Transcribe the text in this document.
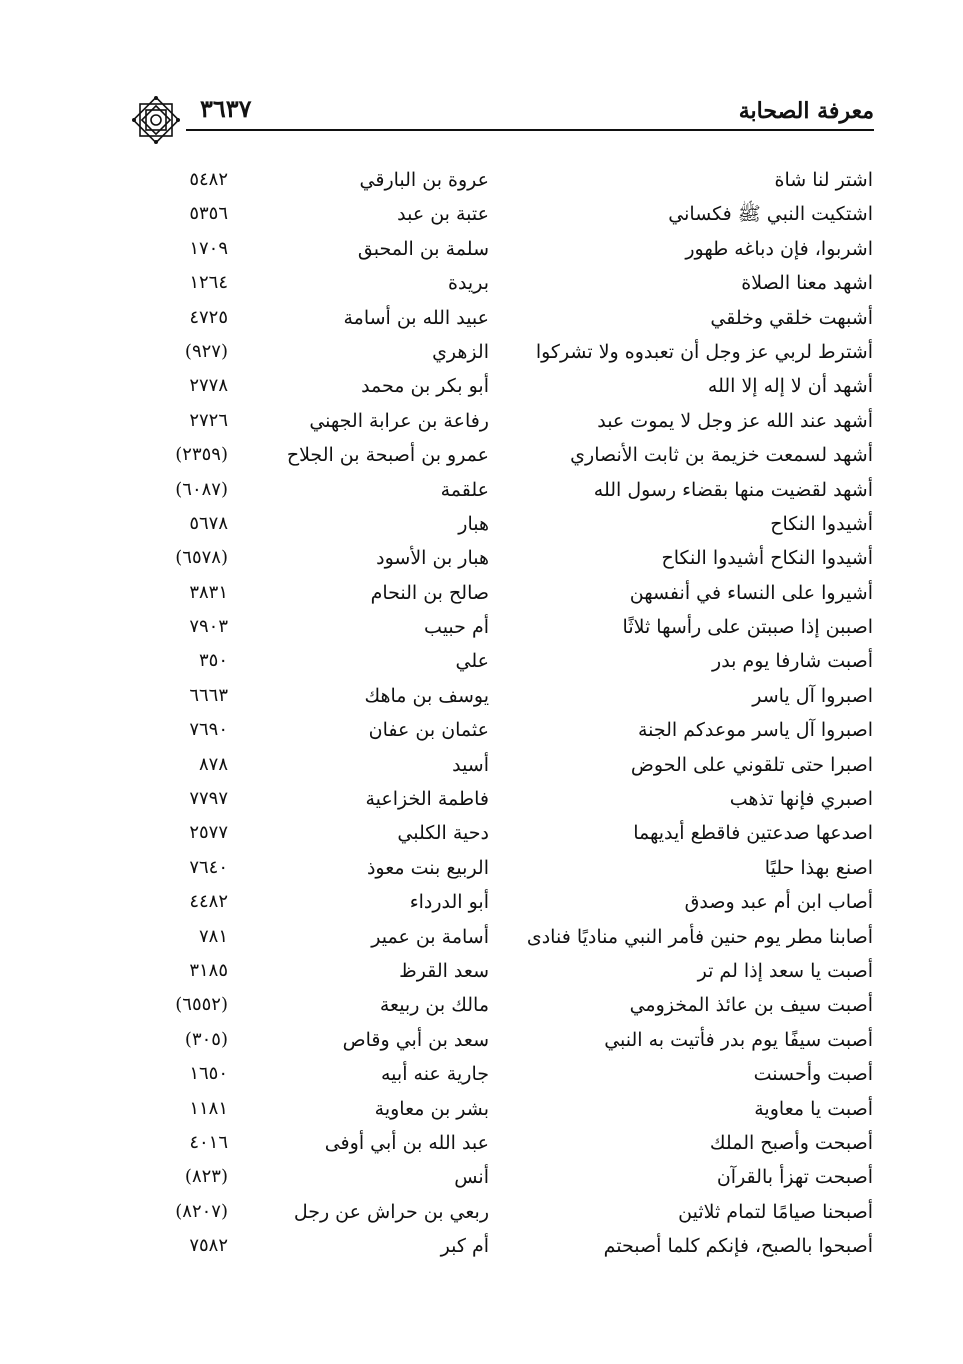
معرفة الصحابة
٣٦٣٧
اشتر لنا شاة
عروة بن البارقي
٥٤٨٢
اشتكيت النبي ﷺ فكساني
عتبة بن عبد
٥٣٥٦
اشربوا، فإن دباغه طهور
سلمة بن المحبق
١٧٠٩
اشهد معنا الصلاة
بريدة
١٢٦٤
أشبهت خلقي وخلقي
عبيد الله بن أسامة
٤٧٢٥
أشترط لربي عز وجل أن تعبدوه ولا تشركوا
الزهري
(٩٢٧)
أشهد أن لا إله إلا الله
أبو بكر بن محمد
٢٧٧٨
أشهد عند الله عز وجل لا يموت عبد
رفاعة بن عرابة الجهني
٢٧٢٦
أشهد لسمعت خزيمة بن ثابت الأنصاري
عمرو بن أصبحة بن الجلاح
(٢٣٥٩)
أشهد لقضيت منها بقضاء رسول الله
علقمة
(٦٠٨٧)
أشيدوا النكاح
هبار
٥٦٧٨
أشيدوا النكاح أشيدوا النكاح
هبار بن الأسود
(٦٥٧٨)
أشيروا على النساء في أنفسهن
صالح بن النحام
٣٨٣١
اصببن إذا صببتن على رأسها ثلاثًا
أم حبيب
٧٩٠٣
أصبت شارفا يوم بدر
علي
٣٥٠
اصبروا آل ياسر
يوسف بن ماهك
٦٦٦٣
اصبروا آل ياسر موعدكم الجنة
عثمان بن عفان
٧٦٩٠
اصبرا حتى تلقوني على الحوض
أسيد
٨٧٨
اصبري فإنها تذهب
فاطمة الخزاعية
٧٧٩٧
اصدعها صدعتين فاقطع أيديهما
دحية الكلبي
٢٥٧٧
اصنع بهذا حليًا
الربيع بنت معوذ
٧٦٤٠
أصاب ابن أم عبد وصدق
أبو الدرداء
٤٤٨٢
أصابنا مطر يوم حنين فأمر النبي مناديًا فنادى
أسامة بن عمير
٧٨١
أصبت يا سعد إذا لم تر
سعد القرظ
٣١٨٥
أصبت سيف بن عائذ المخزومي
مالك بن ربيعة
(٦٥٥٢)
أصبت سيفًا يوم بدر فأتيت به النبي
سعد بن أبي وقاص
(٣٠٥)
أصبت وأحسنت
جارية عنه أبيه
١٦٥٠
أصبت يا معاوية
بشر بن معاوية
١١٨١
أصبحت وأصبح الملك
عبد الله بن أبي أوفى
٤٠١٦
أصبحت تهزأ بالقرآن
أنس
(٨٢٣)
أصبحنا صيامًا لتمام ثلاثين
ربعي بن حراش عن رجل
(٨٢٠٧)
أصبحوا بالصبح، فإنكم كلما أصبحتم
أم كبر
٧٥٨٢
